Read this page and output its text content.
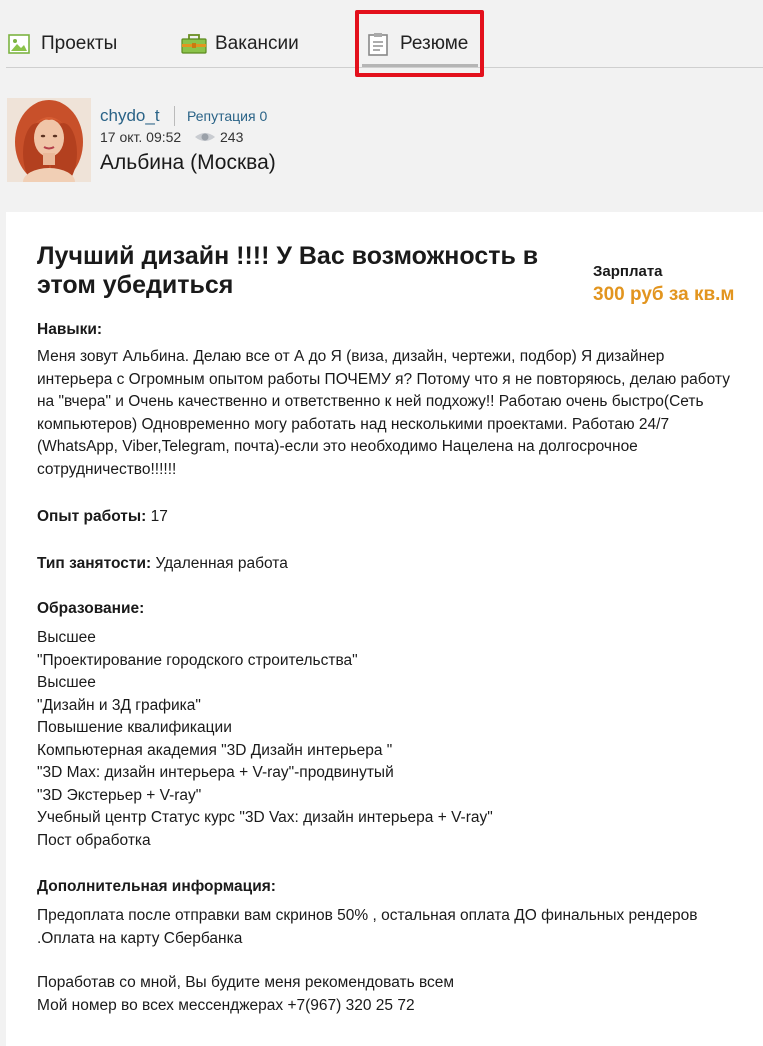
Проекты	Вакансии	Резюме
chydo_t Репутация 0
17 окт. 09:52	243
Альбина (Москва)
Лучший дизайн !!!! У Вас возможность в этом убедиться	Зарплата
300 руб за кв.м
Навыки:
Меня зовут Альбина. Делаю все от А до Я (виза, дизайн, чертежи, подбор) Я дизайнер интерьера с Огромным опытом работы ПОЧЕМУ я? Потому что я не повторяюсь, делаю работу на "вчера" и Очень качественно и ответственно к ней подхожу!! Работаю очень быстро(Сеть компьютеров) Одновременно могу работать над несколькими проектами. Работаю 24/7 (WhatsApp, Viber,Telegram, почта)-если это необходимо Нацелена на долгосрочное сотрудничество!!!!!!
Опыт работы: 17
Тип занятости: Удаленная работа
Образование:
Высшее
"Проектирование городского строительства"
Высшее
"Дизайн и 3Д графика"
Повышение квалификации
Компьютерная академия "3D Дизайн интерьера "
"3D Max: дизайн интерьера + V-ray"-продвинутый
"3D Экстерьер + V-ray"
Учебный центр Статус курс "3D Vax: дизайн интерьера + V-ray"
Пост обработка
Дополнительная информация:
Предоплата после отправки вам скринов 50% , остальная оплата ДО финальных рендеров .Оплата на карту Сбербанка
Поработав со мной, Вы будите меня рекомендовать всем
Мой номер во всех мессенджерах +7(967) 320 25 72
